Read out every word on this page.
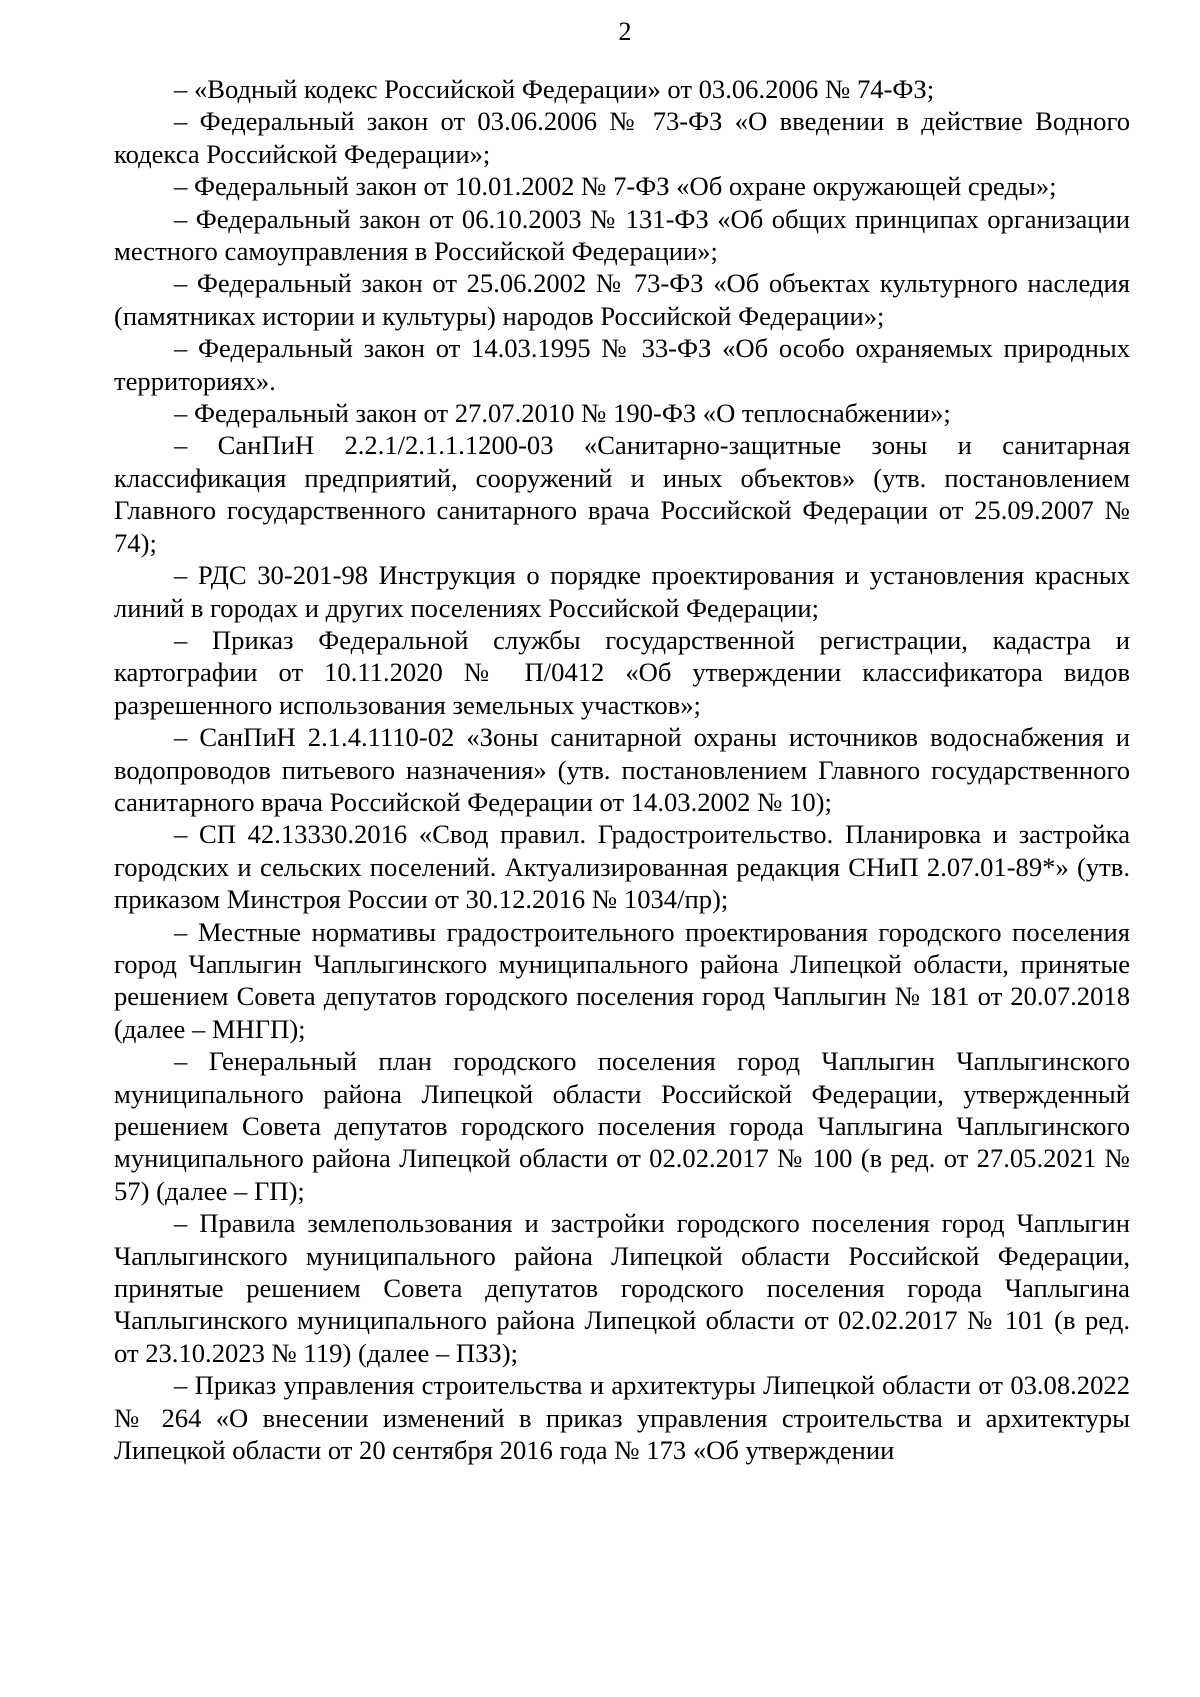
2

– «Водный кодекс Российской Федерации» от 03.06.2006 № 74-ФЗ;

– Федеральный закон от 03.06.2006 № 73-ФЗ «О введении в действие Водного кодекса Российской Федерации»;

– Федеральный закон от 10.01.2002 № 7-ФЗ «Об охране окружающей среды»;

– Федеральный закон от 06.10.2003 № 131-ФЗ «Об общих принципах организации местного самоуправления в Российской Федерации»;

– Федеральный закон от 25.06.2002 № 73-ФЗ «Об объектах культурного наследия (памятниках истории и культуры) народов Российской Федерации»;

– Федеральный закон от 14.03.1995 № 33-ФЗ «Об особо охраняемых природных территориях».

– Федеральный закон от 27.07.2010 № 190-ФЗ «О теплоснабжении»;

– СанПиН 2.2.1/2.1.1.1200-03 «Санитарно-защитные зоны и санитарная классификация предприятий, сооружений и иных объектов» (утв. постановлением Главного государственного санитарного врача Российской Федерации от 25.09.2007 № 74);

– РДС 30-201-98 Инструкция о порядке проектирования и установления красных линий в городах и других поселениях Российской Федерации;

– Приказ Федеральной службы государственной регистрации, кадастра и картографии от 10.11.2020 № П/0412 «Об утверждении классификатора видов разрешенного использования земельных участков»;

– СанПиН 2.1.4.1110-02 «Зоны санитарной охраны источников водоснабжения и водопроводов питьевого назначения» (утв. постановлением Главного государственного санитарного врача Российской Федерации от 14.03.2002 № 10);

– СП 42.13330.2016 «Свод правил. Градостроительство. Планировка и застройка городских и сельских поселений. Актуализированная редакция СНиП 2.07.01-89*» (утв. приказом Минстроя России от 30.12.2016 № 1034/пр);

– Местные нормативы градостроительного проектирования городского поселения город Чаплыгин Чаплыгинского муниципального района Липецкой области, принятые решением Совета депутатов городского поселения город Чаплыгин № 181 от 20.07.2018 (далее – МНГП);

– Генеральный план городского поселения город Чаплыгин Чаплыгинского муниципального района Липецкой области Российской Федерации, утвержденный решением Совета депутатов городского поселения города Чаплыгина Чаплыгинского муниципального района Липецкой области от 02.02.2017 № 100 (в ред. от 27.05.2021 № 57) (далее – ГП);

– Правила землепользования и застройки городского поселения город Чаплыгин Чаплыгинского муниципального района Липецкой области Российской Федерации, принятые решением Совета депутатов городского поселения города Чаплыгина Чаплыгинского муниципального района Липецкой области от 02.02.2017 № 101 (в ред. от 23.10.2023 № 119) (далее – ПЗЗ);

– Приказ управления строительства и архитектуры Липецкой области от 03.08.2022 № 264 «О внесении изменений в приказ управления строительства и архитектуры Липецкой области от 20 сентября 2016 года № 173 «Об утверждении
